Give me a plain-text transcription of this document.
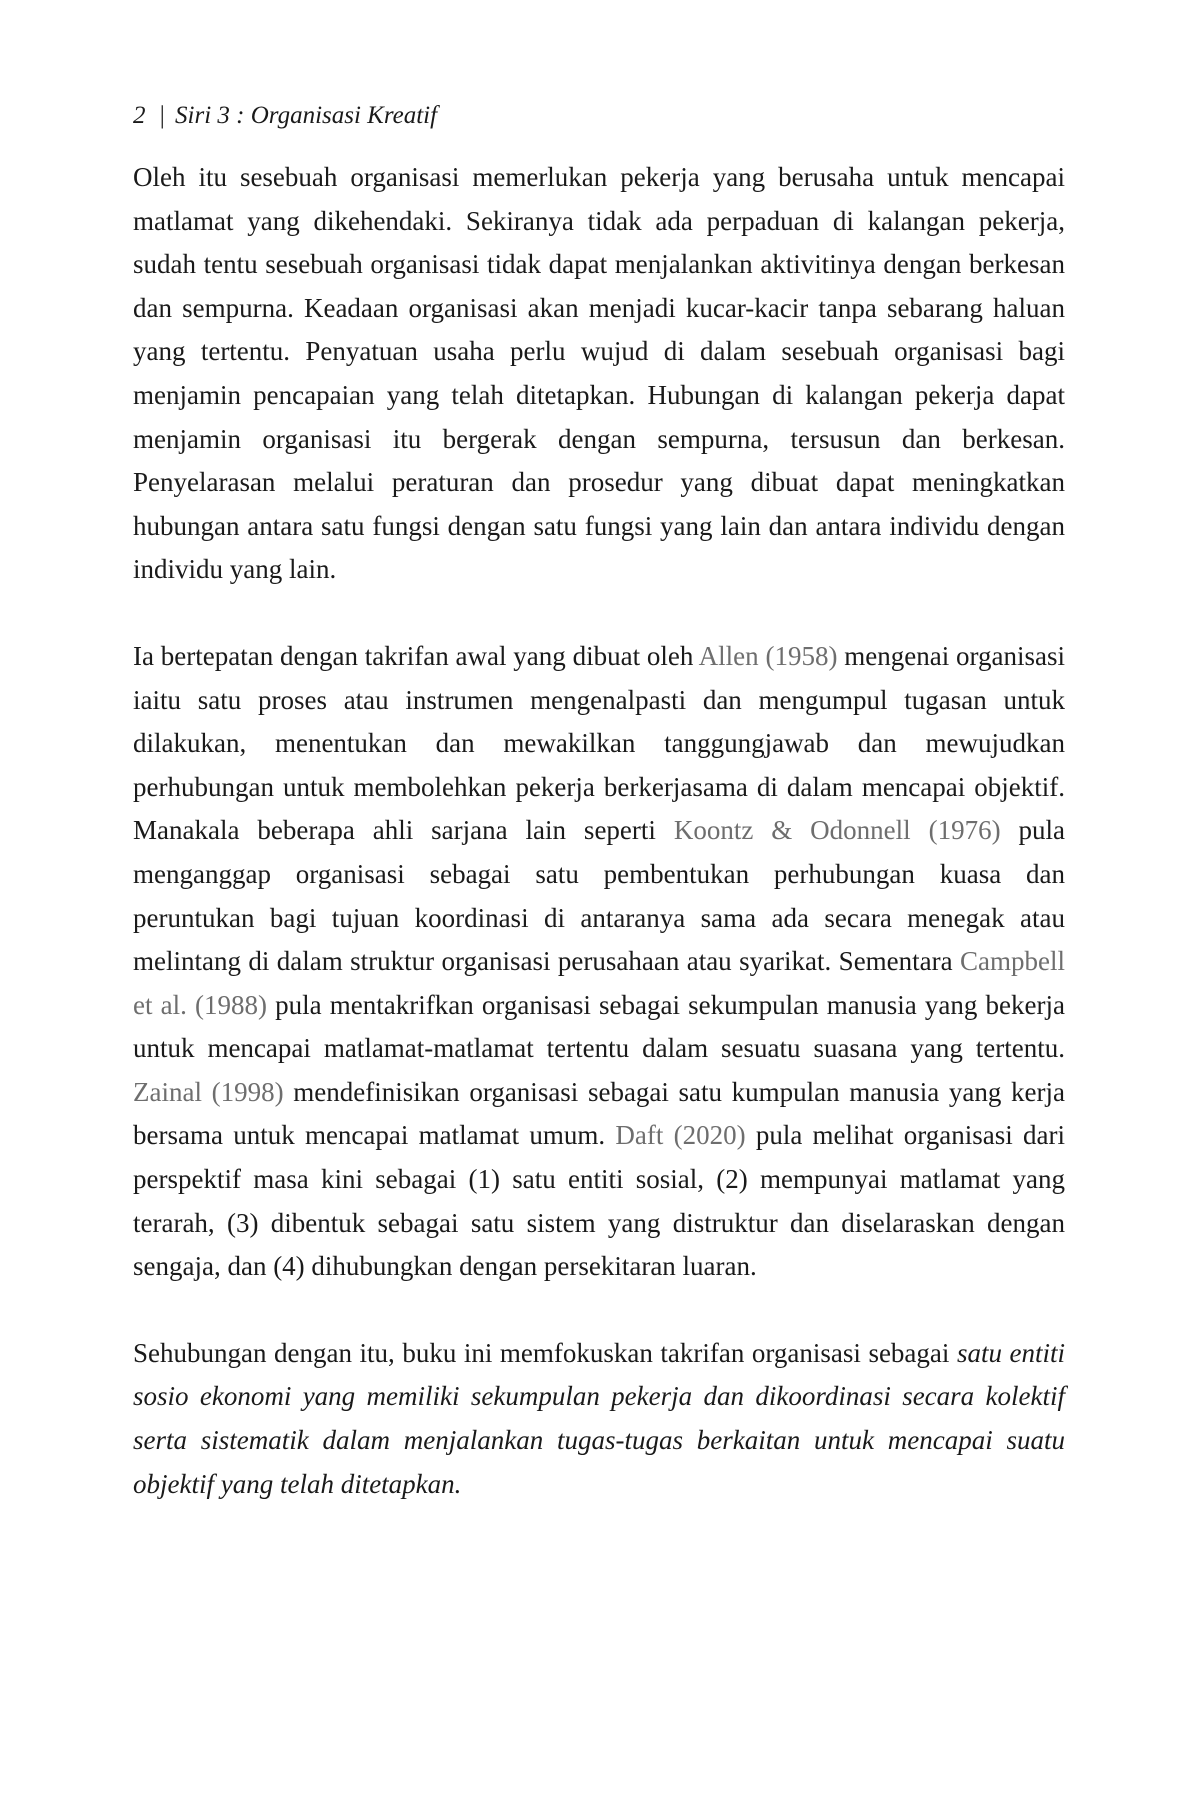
2 | Siri 3 : Organisasi Kreatif

Oleh itu sesebuah organisasi memerlukan pekerja yang berusaha untuk mencapai matlamat yang dikehendaki. Sekiranya tidak ada perpaduan di kalangan pekerja, sudah tentu sesebuah organisasi tidak dapat menjalankan aktivitinya dengan berkesan dan sempurna. Keadaan organisasi akan menjadi kucar-kacir tanpa sebarang haluan yang tertentu. Penyatuan usaha perlu wujud di dalam sesebuah organisasi bagi menjamin pencapaian yang telah ditetapkan. Hubungan di kalangan pekerja dapat menjamin organisasi itu bergerak dengan sempurna, tersusun dan berkesan. Penyelarasan melalui peraturan dan prosedur yang dibuat dapat meningkatkan hubungan antara satu fungsi dengan satu fungsi yang lain dan antara individu dengan individu yang lain.

Ia bertepatan dengan takrifan awal yang dibuat oleh Allen (1958) mengenai organisasi iaitu satu proses atau instrumen mengenalpasti dan mengumpul tugasan untuk dilakukan, menentukan dan mewakilkan tanggungjawab dan mewujudkan perhubungan untuk membolehkan pekerja berkerjasama di dalam mencapai objektif. Manakala beberapa ahli sarjana lain seperti Koontz & Odonnell (1976) pula menganggap organisasi sebagai satu pembentukan perhubungan kuasa dan peruntukan bagi tujuan koordinasi di antaranya sama ada secara menegak atau melintang di dalam struktur organisasi perusahaan atau syarikat. Sementara Campbell et al. (1988) pula mentakrifkan organisasi sebagai sekumpulan manusia yang bekerja untuk mencapai matlamat-matlamat tertentu dalam sesuatu suasana yang tertentu. Zainal (1998) mendefinisikan organisasi sebagai satu kumpulan manusia yang kerja bersama untuk mencapai matlamat umum. Daft (2020) pula melihat organisasi dari perspektif masa kini sebagai (1) satu entiti sosial, (2) mempunyai matlamat yang terarah, (3) dibentuk sebagai satu sistem yang distruktur dan diselaraskan dengan sengaja, dan (4) dihubungkan dengan persekitaran luaran.

Sehubungan dengan itu, buku ini memfokuskan takrifan organisasi sebagai satu entiti sosio ekonomi yang memiliki sekumpulan pekerja dan dikoordinasi secara kolektif serta sistematik dalam menjalankan tugas-tugas berkaitan untuk mencapai suatu objektif yang telah ditetapkan.
